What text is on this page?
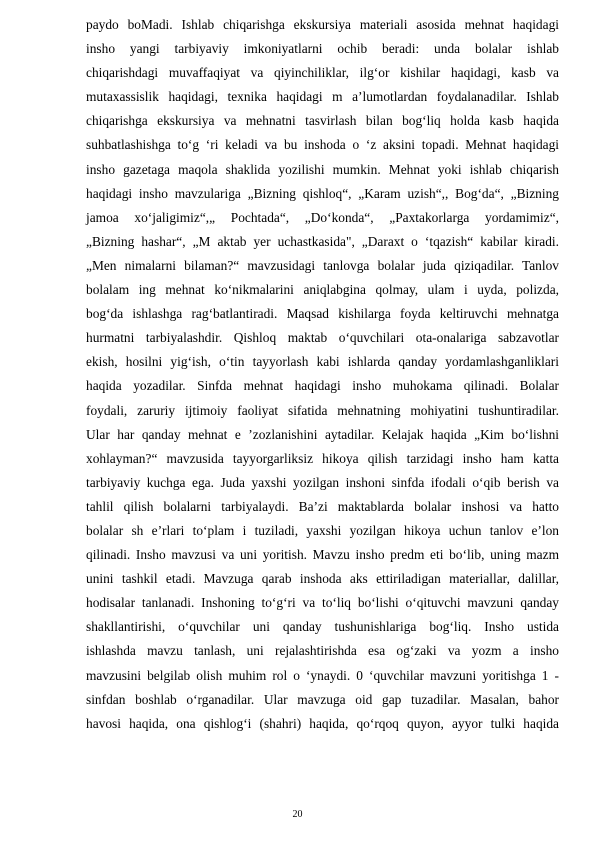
paydo boMadi. Ishlab chiqarishga ekskursiya materiali asosida mehnat haqidagi
insho yangi tarbiyaviy imkoniyatlarni ochib beradi: unda bolalar ishlab
chiqarishdagi muvaffaqiyat va qiyinchiliklar, ilg‘or kishilar haqidagi, kasb va
mutaxassislik haqidagi, texnika haqidagi m a’lumotlardan foydalanadilar. Ishlab
chiqarishga ekskursiya va mehnatni tasvirlash bilan bog‘liq holda kasb haqida
suhbatlashishga to‘g ‘ri keladi va bu inshoda o ‘z aksini topadi. Mehnat haqidagi
insho gazetaga maqola shaklida yozilishi mumkin. Mehnat yoki ishlab chiqarish
haqidagi insho mavzulariga „Bizning qishloq“, „Karam uzish“,, Bog‘da“, „Bizning
jamoa xo‘jaligimiz“,„ Pochtada“, „Do‘konda“, „Paxtakorlarga yordamimiz“,
„Bizning hashar“, „M aktab yer uchastkasida", „Daraxt o ‘tqazish“ kabilar kiradi.
„Men nimalarni bilaman?“ mavzusidagi tanlovga bolalar juda qiziqadilar. Tanlov
bolalam ing mehnat ko‘nikmalarini aniqlabgina qolmay, ulam i uyda, polizda,
bog‘da ishlashga rag‘batlantiradi. Maqsad kishilarga foyda keltiruvchi mehnatga
hurmatni tarbiyalashdir. Qishloq maktab o‘quvchilari ota-onalariga sabzavotlar
ekish, hosilni yig‘ish, o‘tin tayyorlash kabi ishlarda qanday yordamlashganliklari
haqida yozadilar. Sinfda mehnat haqidagi insho muhokama qilinadi. Bolalar
foydali, zaruriy ijtimoiy faoliyat sifatida mehnatning mohiyatini tushuntiradilar.
Ular har qanday mehnat e ’zozlanishini aytadilar. Kelajak haqida „Kim bo‘lishni
xohlayman?“ mavzusida tayyorgarliksiz hikoya qilish tarzidagi insho ham katta
tarbiyaviy kuchga ega. Juda yaxshi yozilgan inshoni sinfda ifodali o‘qib berish va
tahlil qilish bolalarni tarbiyalaydi. Ba’zi maktablarda bolalar inshosi va hatto
bolalar sh e’rlari to‘plam i tuziladi, yaxshi yozilgan hikoya uchun tanlov e’lon
qilinadi. Insho mavzusi va uni yoritish. Mavzu insho predm eti bo‘lib, uning mazm
unini tashkil etadi. Mavzuga qarab inshoda aks ettiriladigan materiallar, dalillar,
hodisalar tanlanadi. Inshoning to‘g‘ri va to‘liq bo‘lishi o‘qituvchi mavzuni qanday
shakllantirishi, o‘quvchilar uni qanday tushunishlariga bog‘liq. Insho ustida
ishlashda mavzu tanlash, uni rejalashtirishda esa og‘zaki va yozm a insho
mavzusini belgilab olish muhim rol o ‘ynaydi. 0 ‘quvchilar mavzuni yoritishga 1 -
sinfdan boshlab o‘rganadilar. Ular mavzuga oid gap tuzadilar. Masalan, bahor
havosi haqida, ona qishlog‘i (shahri) haqida, qo‘rqoq quyon, ayyor tulki haqida
20
